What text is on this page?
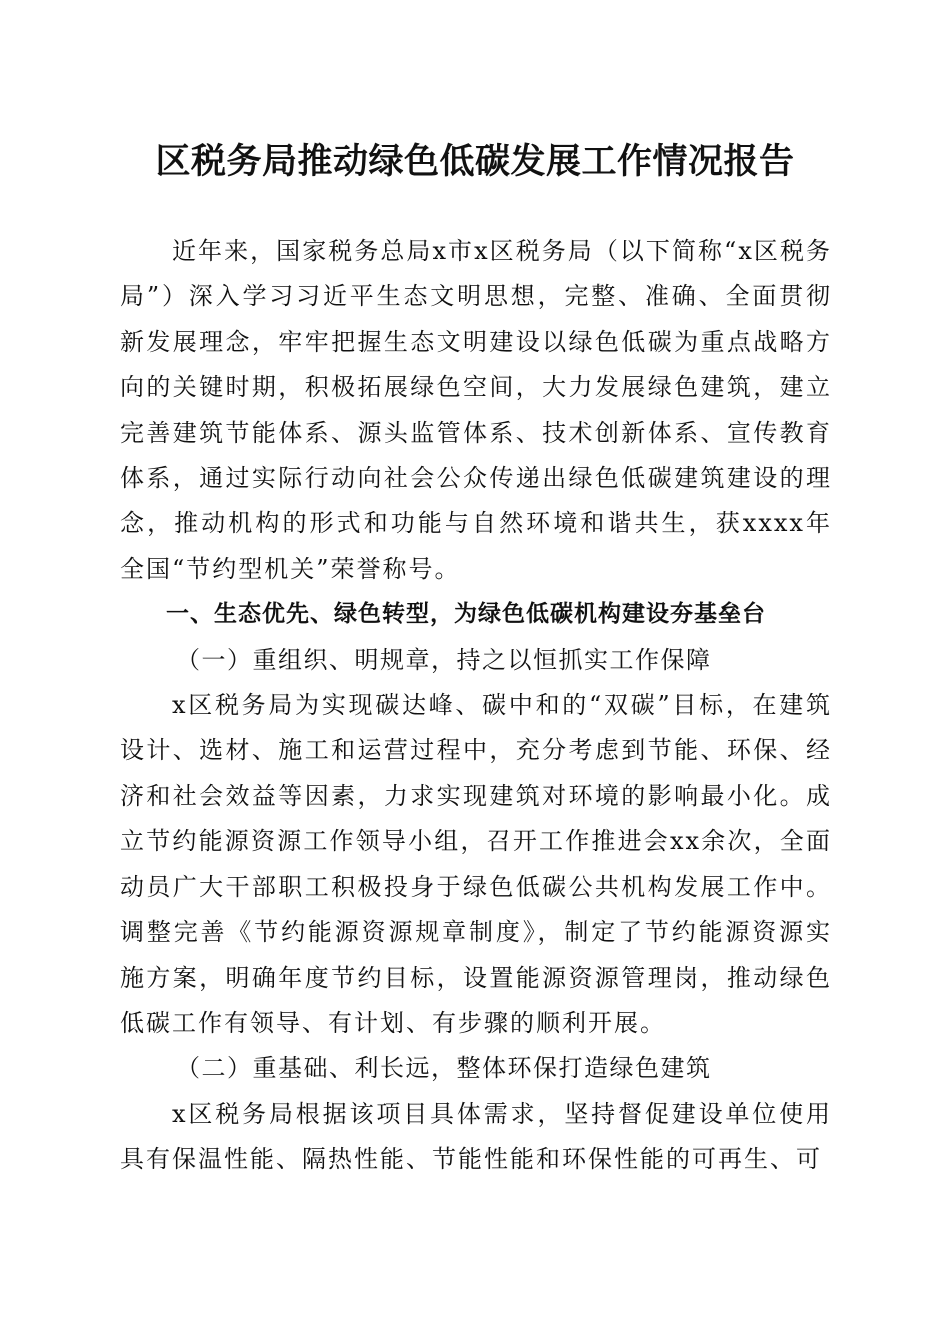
区税务局推动绿色低碳发展工作情况报告

近年来，国家税务总局x市x区税务局（以下简称“x区税务局”）深入学习习近平生态文明思想，完整、准确、全面贯彻新发展理念，牢牢把握生态文明建设以绿色低碳为重点战略方向的关键时期，积极拓展绿色空间，大力发展绿色建筑，建立完善建筑节能体系、源头监管体系、技术创新体系、宣传教育体系，通过实际行动向社会公众传递出绿色低碳建筑建设的理念，推动机构的形式和功能与自然环境和谐共生，获xxxx年全国“节约型机关”荣誉称号。

一、生态优先、绿色转型，为绿色低碳机构建设夯基垒台

（一）重组织、明规章，持之以恒抓实工作保障

x区税务局为实现碳达峰、碳中和的“双碳”目标，在建筑设计、选材、施工和运营过程中，充分考虑到节能、环保、经济和社会效益等因素，力求实现建筑对环境的影响最小化。成立节约能源资源工作领导小组，召开工作推进会xx余次，全面动员广大干部职工积极投身于绿色低碳公共机构发展工作中。调整完善《节约能源资源规章制度》，制定了节约能源资源实施方案，明确年度节约目标，设置能源资源管理岗，推动绿色低碳工作有领导、有计划、有步骤的顺利开展。

（二）重基础、利长远，整体环保打造绿色建筑

x区税务局根据该项目具体需求，坚持督促建设单位使用具有保温性能、隔热性能、节能性能和环保性能的可再生、可
